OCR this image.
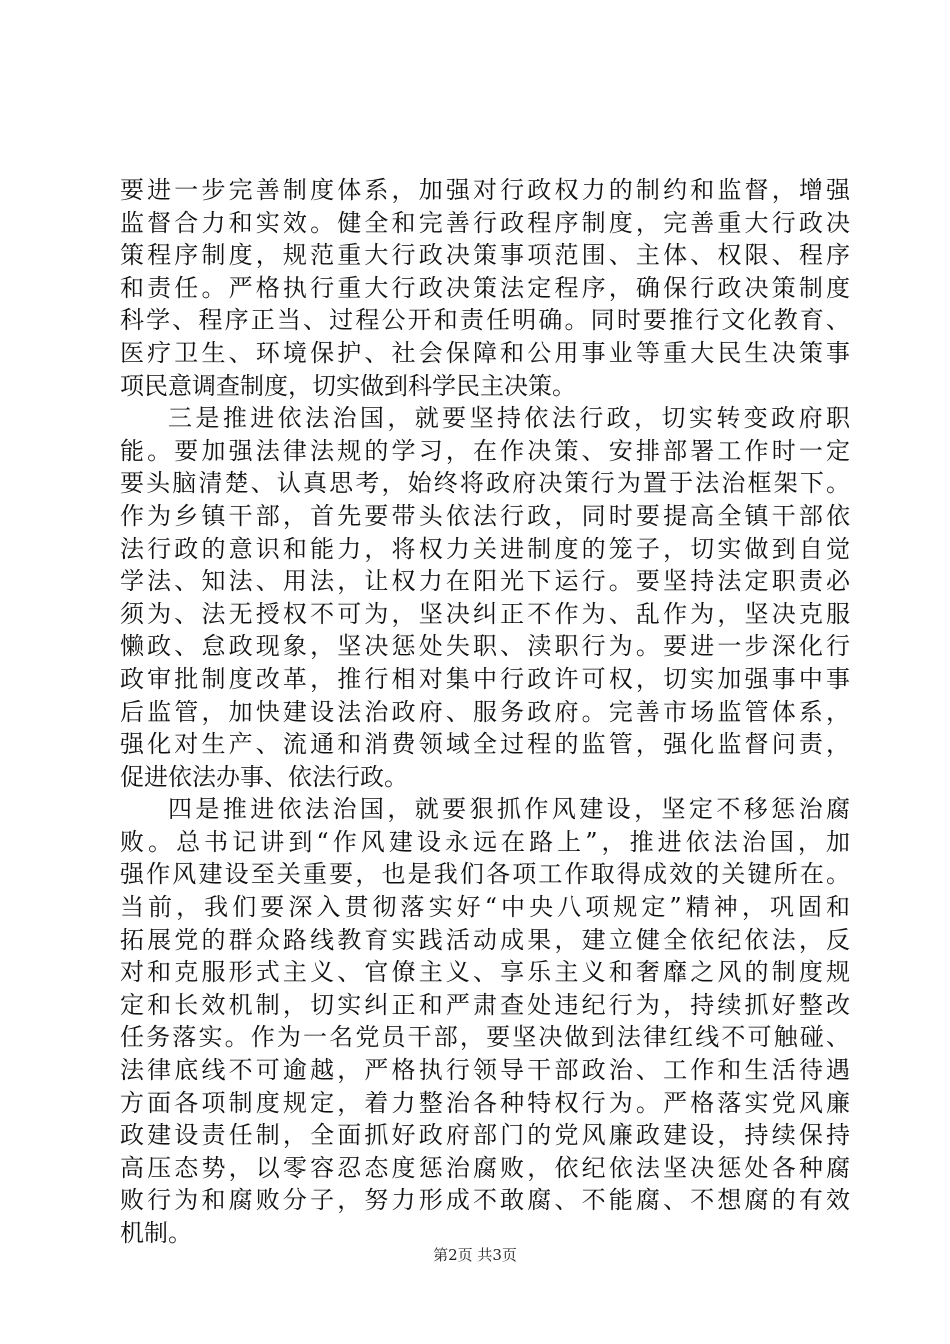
要进一步完善制度体系，加强对行政权力的制约和监督，增强
监督合力和实效。健全和完善行政程序制度，完善重大行政决
策程序制度，规范重大行政决策事项范围、主体、权限、程序
和责任。严格执行重大行政决策法定程序，确保行政决策制度
科学、程序正当、过程公开和责任明确。同时要推行文化教育、
医疗卫生、环境保护、社会保障和公用事业等重大民生决策事
项民意调查制度，切实做到科学民主决策。
三是推进依法治国，就要坚持依法行政，切实转变政府职
能。要加强法律法规的学习，在作决策、安排部署工作时一定
要头脑清楚、认真思考，始终将政府决策行为置于法治框架下。
作为乡镇干部，首先要带头依法行政，同时要提高全镇干部依
法行政的意识和能力，将权力关进制度的笼子，切实做到自觉
学法、知法、用法，让权力在阳光下运行。要坚持法定职责必
须为、法无授权不可为，坚决纠正不作为、乱作为，坚决克服
懒政、怠政现象，坚决惩处失职、渎职行为。要进一步深化行
政审批制度改革，推行相对集中行政许可权，切实加强事中事
后监管，加快建设法治政府、服务政府。完善市场监管体系，
强化对生产、流通和消费领域全过程的监管，强化监督问责，
促进依法办事、依法行政。
四是推进依法治国，就要狠抓作风建设，坚定不移惩治腐
败。总书记讲到“作风建设永远在路上”，推进依法治国，加
强作风建设至关重要，也是我们各项工作取得成效的关键所在。
当前，我们要深入贯彻落实好“中央八项规定”精神，巩固和
拓展党的群众路线教育实践活动成果，建立健全依纪依法，反
对和克服形式主义、官僚主义、享乐主义和奢靡之风的制度规
定和长效机制，切实纠正和严肃查处违纪行为，持续抓好整改
任务落实。作为一名党员干部，要坚决做到法律红线不可触碰、
法律底线不可逾越，严格执行领导干部政治、工作和生活待遇
方面各项制度规定，着力整治各种特权行为。严格落实党风廉
政建设责任制，全面抓好政府部门的党风廉政建设，持续保持
高压态势，以零容忍态度惩治腐败，依纪依法坚决惩处各种腐
败行为和腐败分子，努力形成不敢腐、不能腐、不想腐的有效
机制。
第2页 共3页
